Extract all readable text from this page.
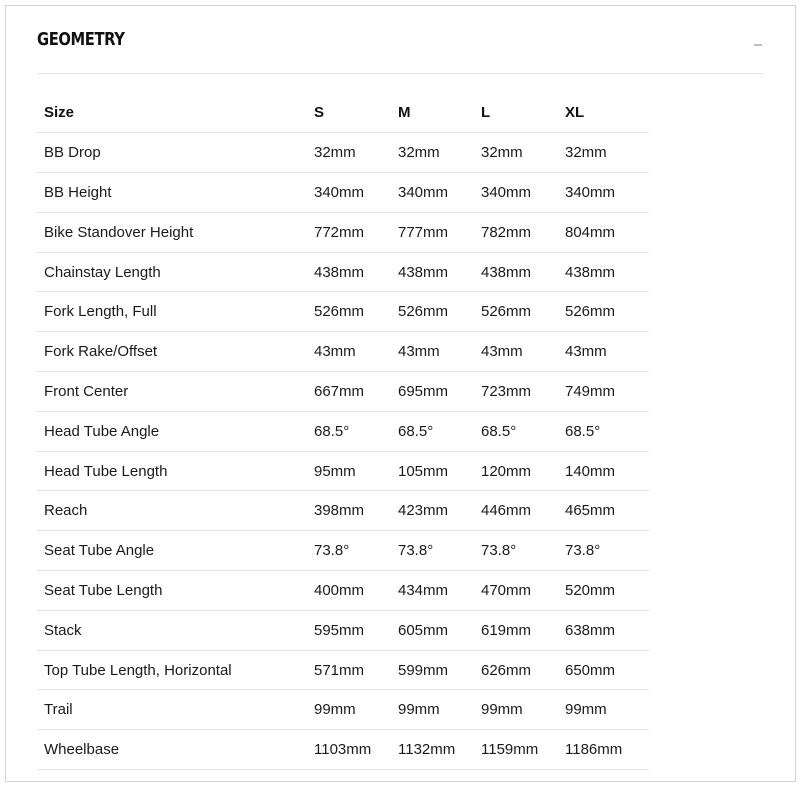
GEOMETRY
Size	S	M	L	XL
BB Drop	32mm	32mm	32mm	32mm
BB Height	340mm	340mm	340mm	340mm
Bike Standover Height	772mm	777mm	782mm	804mm
Chainstay Length	438mm	438mm	438mm	438mm
Fork Length, Full	526mm	526mm	526mm	526mm
Fork Rake/Offset	43mm	43mm	43mm	43mm
Front Center	667mm	695mm	723mm	749mm
Head Tube Angle	68.5°	68.5°	68.5°	68.5°
Head Tube Length	95mm	105mm	120mm	140mm
Reach	398mm	423mm	446mm	465mm
Seat Tube Angle	73.8°	73.8°	73.8°	73.8°
Seat Tube Length	400mm	434mm	470mm	520mm
Stack	595mm	605mm	619mm	638mm
Top Tube Length, Horizontal	571mm	599mm	626mm	650mm
Trail	99mm	99mm	99mm	99mm
Wheelbase	1103mm	1132mm	1159mm	1186mm
